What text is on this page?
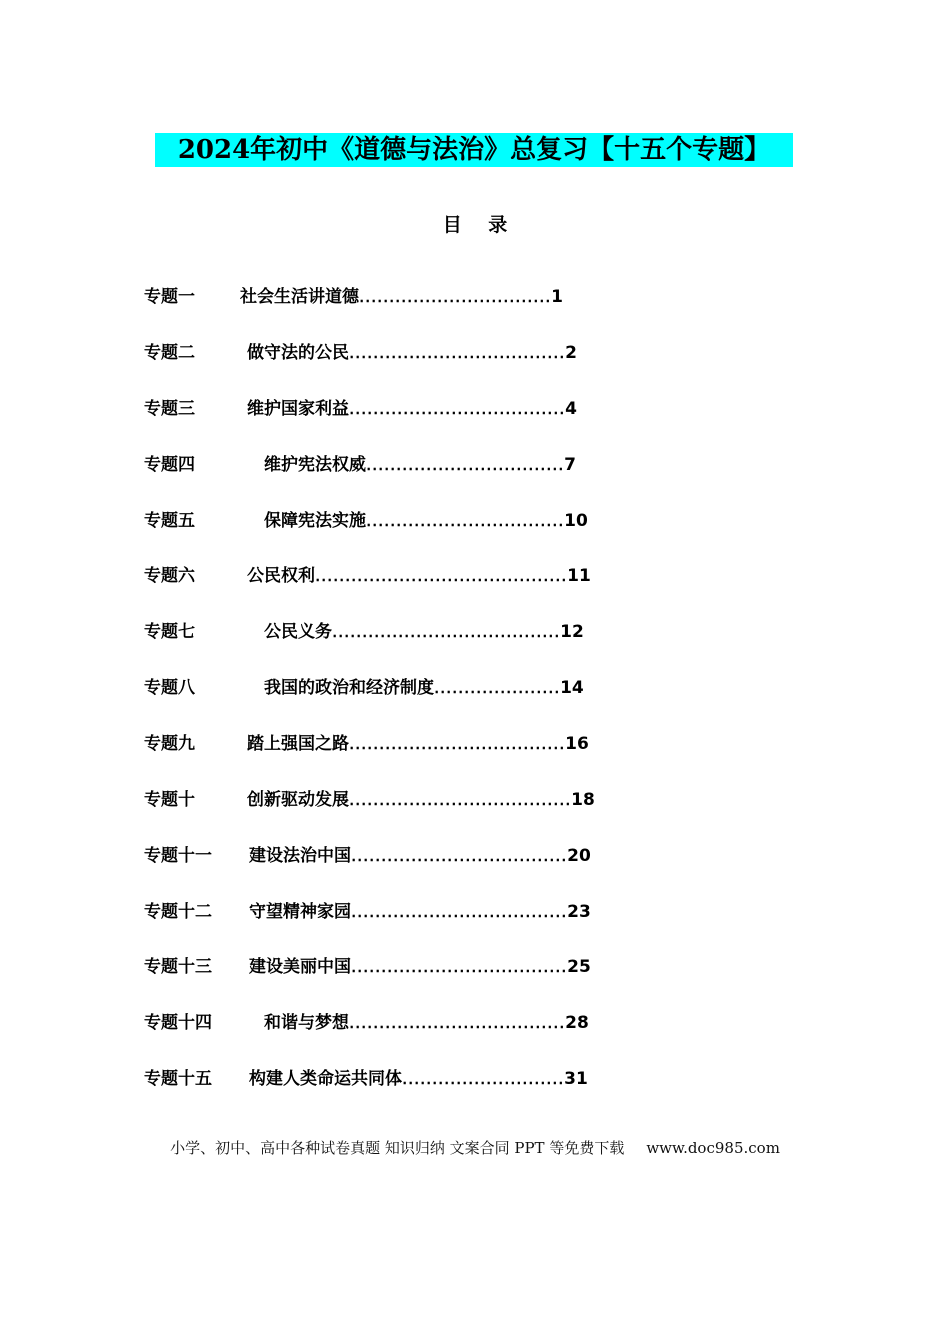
2024年初中《道德与法治》总复习【十五个专题】
目    录
专题一	社会生活讲道德................................1
专题二	做守法的公民....................................2
专题三	维护国家利益....................................4
专题四	维护宪法权威.................................7
专题五	保障宪法实施.................................10
专题六	公民权利..........................................11
专题七	公民义务......................................12
专题八	我国的政治和经济制度.....................14
专题九	踏上强国之路....................................16
专题十	创新驱动发展.....................................18
专题十一 建设法治中国....................................20
专题十二 守望精神家园....................................23
专题十三 建设美丽中国....................................25
专题十四	和谐与梦想....................................28
专题十五 构建人类命运共同体...........................31
小学、初中、高中各种试卷真题 知识归纳 文案合同 PPT 等免费下载 www.doc985.com
